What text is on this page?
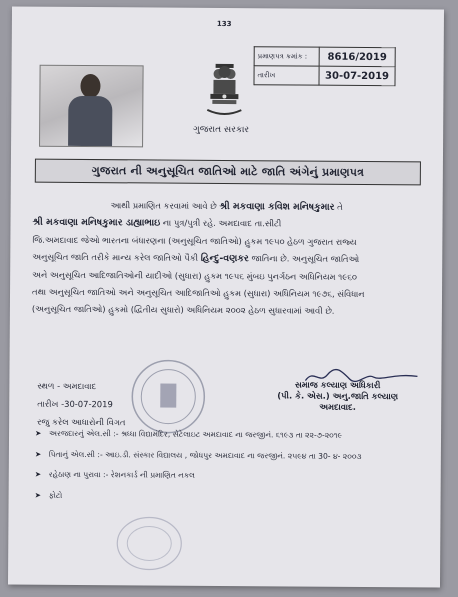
133
ગુજરાત સરકાર
પ્રમાણપત્ર ક્રમાંક :	8616/2019
તારીખ	30-07-2019
ગુજરાત ની અનુસૂચિત જાતિઓ માટે જાતિ અંગેનું પ્રમાણપત્ર

આથી પ્રમાણિત કરવામાં આવે છે શ્રી મકવાણા કવિશ મનિષકુમાર તે
શ્રી મકવાણા મનિષકુમાર ડાહ્યાભાઇ ના પુત્ર/પુત્રી રહે. અમદાવાદ તા.સીટી
જિ.અમદાવાદ જેઓ ભારતના બંધારણના (અનુસૂચિત જાતિઓ) હુકમ ૧૯૫૦ હેઠળ ગુજરાત રાજ્ય
અનુસૂચિત જાતિ તરીકે માન્ય કરેલ જાતિઓ પૈકી હિન્દુ-વણકર જાતિના છે. અનુસૂચિત જાતિઓ
અને અનુસૂચિત આદિજાતિઓની યાદીઓ (સુધારા) હુકમ ૧૯૫૬ મુંબઇ પુનર્ગઠન અધિનિયમ ૧૯૬૦
તથા અનુસૂચિત જાતિઓ અને અનુસૂચિત આદિજાતિઓ હુકમ (સુધારા) અધિનિયમ ૧૯૭૬, સંવિધાન
(અનુસૂચિત જાતિઓ) હુકમો (દ્વિતીય સુધારો) અધિનિયમ ૨૦૦૨ હેઠળ સુધારવામાં આવી છે.

સ્થળ - અમદાવાદ
તારીખ -30-07-2019
રજુ કરેલ આધારોની વિગત
સમાજ કલ્યાણ અધિકારી
(પી. કે. એસ.) અનુ.જાતિ કલ્યાણ
અમદાવાદ.
➤ અરજદારનું એલ.સી :- શ્રધ્ધા વિદ્યામંદિર, સેટેલાઇટ અમદાવાદ ના જરજીનં. ૬૧૯૩ તા ૨૨-૭-૨૦૧૯
➤ પિતાનું એલ.સી :- આઇ.ડી. સંસ્કાર વિદ્યાલય , જોધપુર અમદાવાદ ના જરજીનં. ૨૫૯૪ તા 30- ૪- ૨૦૦૩
➤ રહેઠાણ ના પુરાવા :- રેશનકાર્ડ ની પ્રમાણિત નકલ
➤ ફોટો
